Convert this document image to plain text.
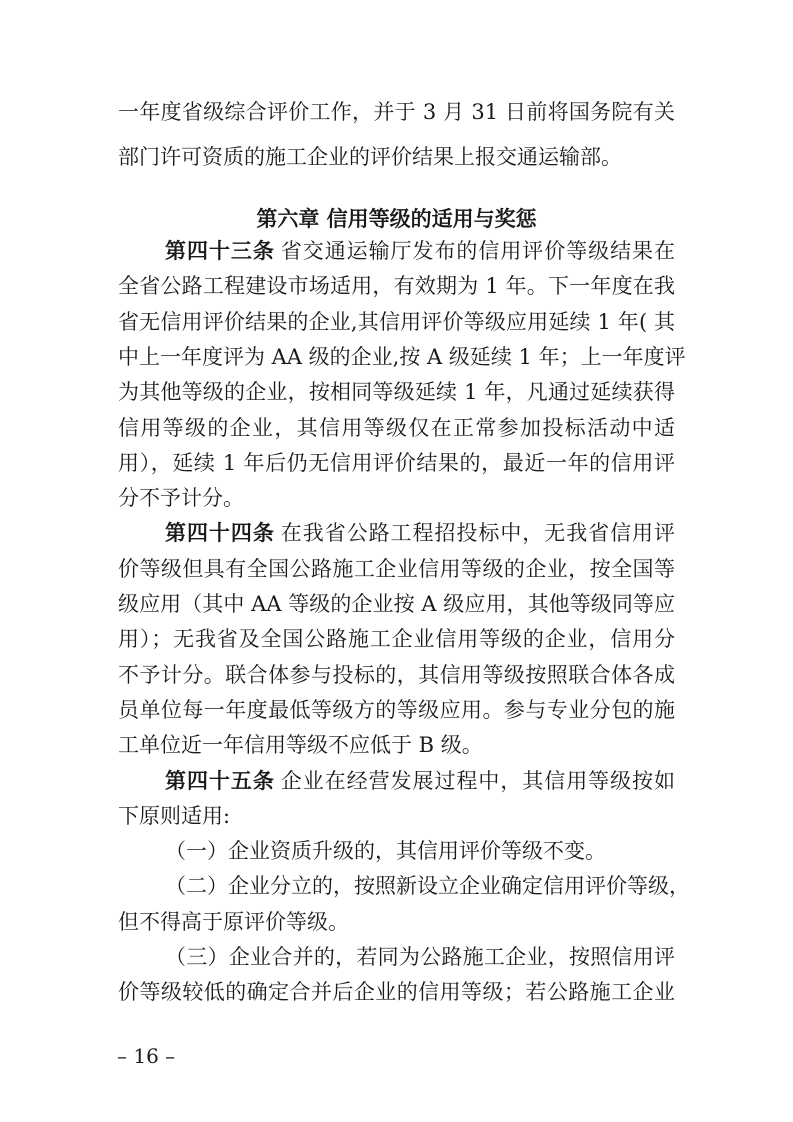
一年度省级综合评价工作，并于 3 月 31 日前将国务院有关
部门许可资质的施工企业的评价结果上报交通运输部。
第六章 信用等级的适用与奖惩
第四十三条 省交通运输厅发布的信用评价等级结果在
全省公路工程建设市场适用，有效期为 1 年。下一年度在我
省无信用评价结果的企业,其信用评价等级应用延续 1 年( 其
中上一年度评为 AA 级的企业,按 A 级延续 1 年；上一年度评
为其他等级的企业，按相同等级延续 1 年，凡通过延续获得
信用等级的企业，其信用等级仅在正常参加投标活动中适
用），延续 1 年后仍无信用评价结果的，最近一年的信用评
分不予计分。
第四十四条 在我省公路工程招投标中，无我省信用评
价等级但具有全国公路施工企业信用等级的企业，按全国等
级应用（其中 AA 等级的企业按 A 级应用，其他等级同等应
用）；无我省及全国公路施工企业信用等级的企业，信用分
不予计分。联合体参与投标的，其信用等级按照联合体各成
员单位每一年度最低等级方的等级应用。参与专业分包的施
工单位近一年信用等级不应低于 B 级。
第四十五条 企业在经营发展过程中，其信用等级按如
下原则适用:
（一）企业资质升级的，其信用评价等级不变。
（二）企业分立的，按照新设立企业确定信用评价等级，
但不得高于原评价等级。
（三）企业合并的，若同为公路施工企业，按照信用评
价等级较低的确定合并后企业的信用等级；若公路施工企业
– 16 –
